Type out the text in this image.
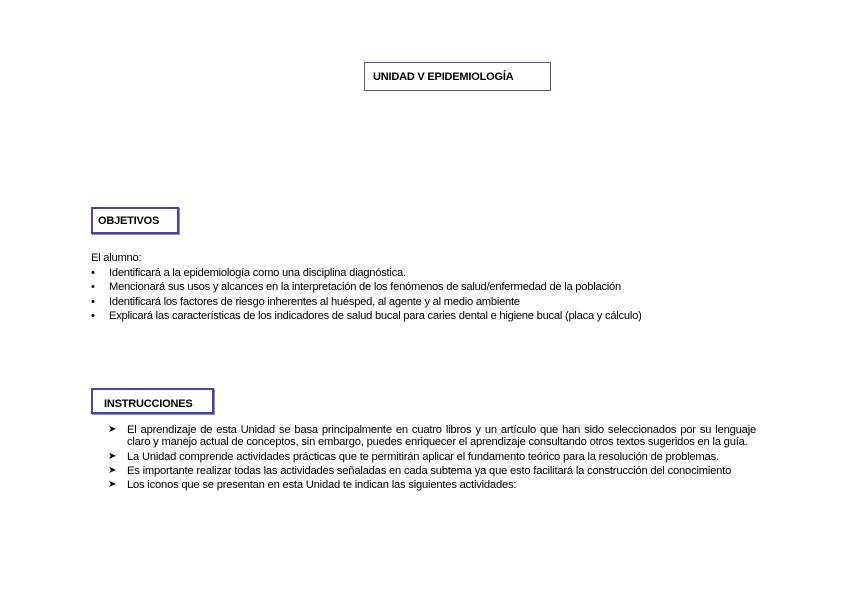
UNIDAD V EPIDEMIOLOGÍA
OBJETIVOS
El alumno:
• Identificará a la epidemiología como una disciplina diagnóstica.
• Mencionará sus usos y alcances en la interpretación de los fenómenos de salud/enfermedad de la población
• Identificará los factores de riesgo inherentes al huésped, al agente y al medio ambiente
• Explicará las características de los indicadores de salud bucal para caries dental e higiene bucal (placa y cálculo)
INSTRUCCIONES
➤ El aprendizaje de esta Unidad se basa principalmente en cuatro libros y un artículo que han sido seleccionados por su lenguaje claro y manejo actual de conceptos, sin embargo, puedes enriquecer el aprendizaje consultando otros textos sugeridos en la guía.
➤ La Unidad comprende actividades prácticas que te permitirán aplicar el fundamento teórico para la resolución de problemas.
➤ Es importante realizar todas las actividades señaladas en cada subtema ya que esto facilitará la construcción del conocimiento
➤ Los iconos que se presentan en esta Unidad te indican las siguientes actividades:
